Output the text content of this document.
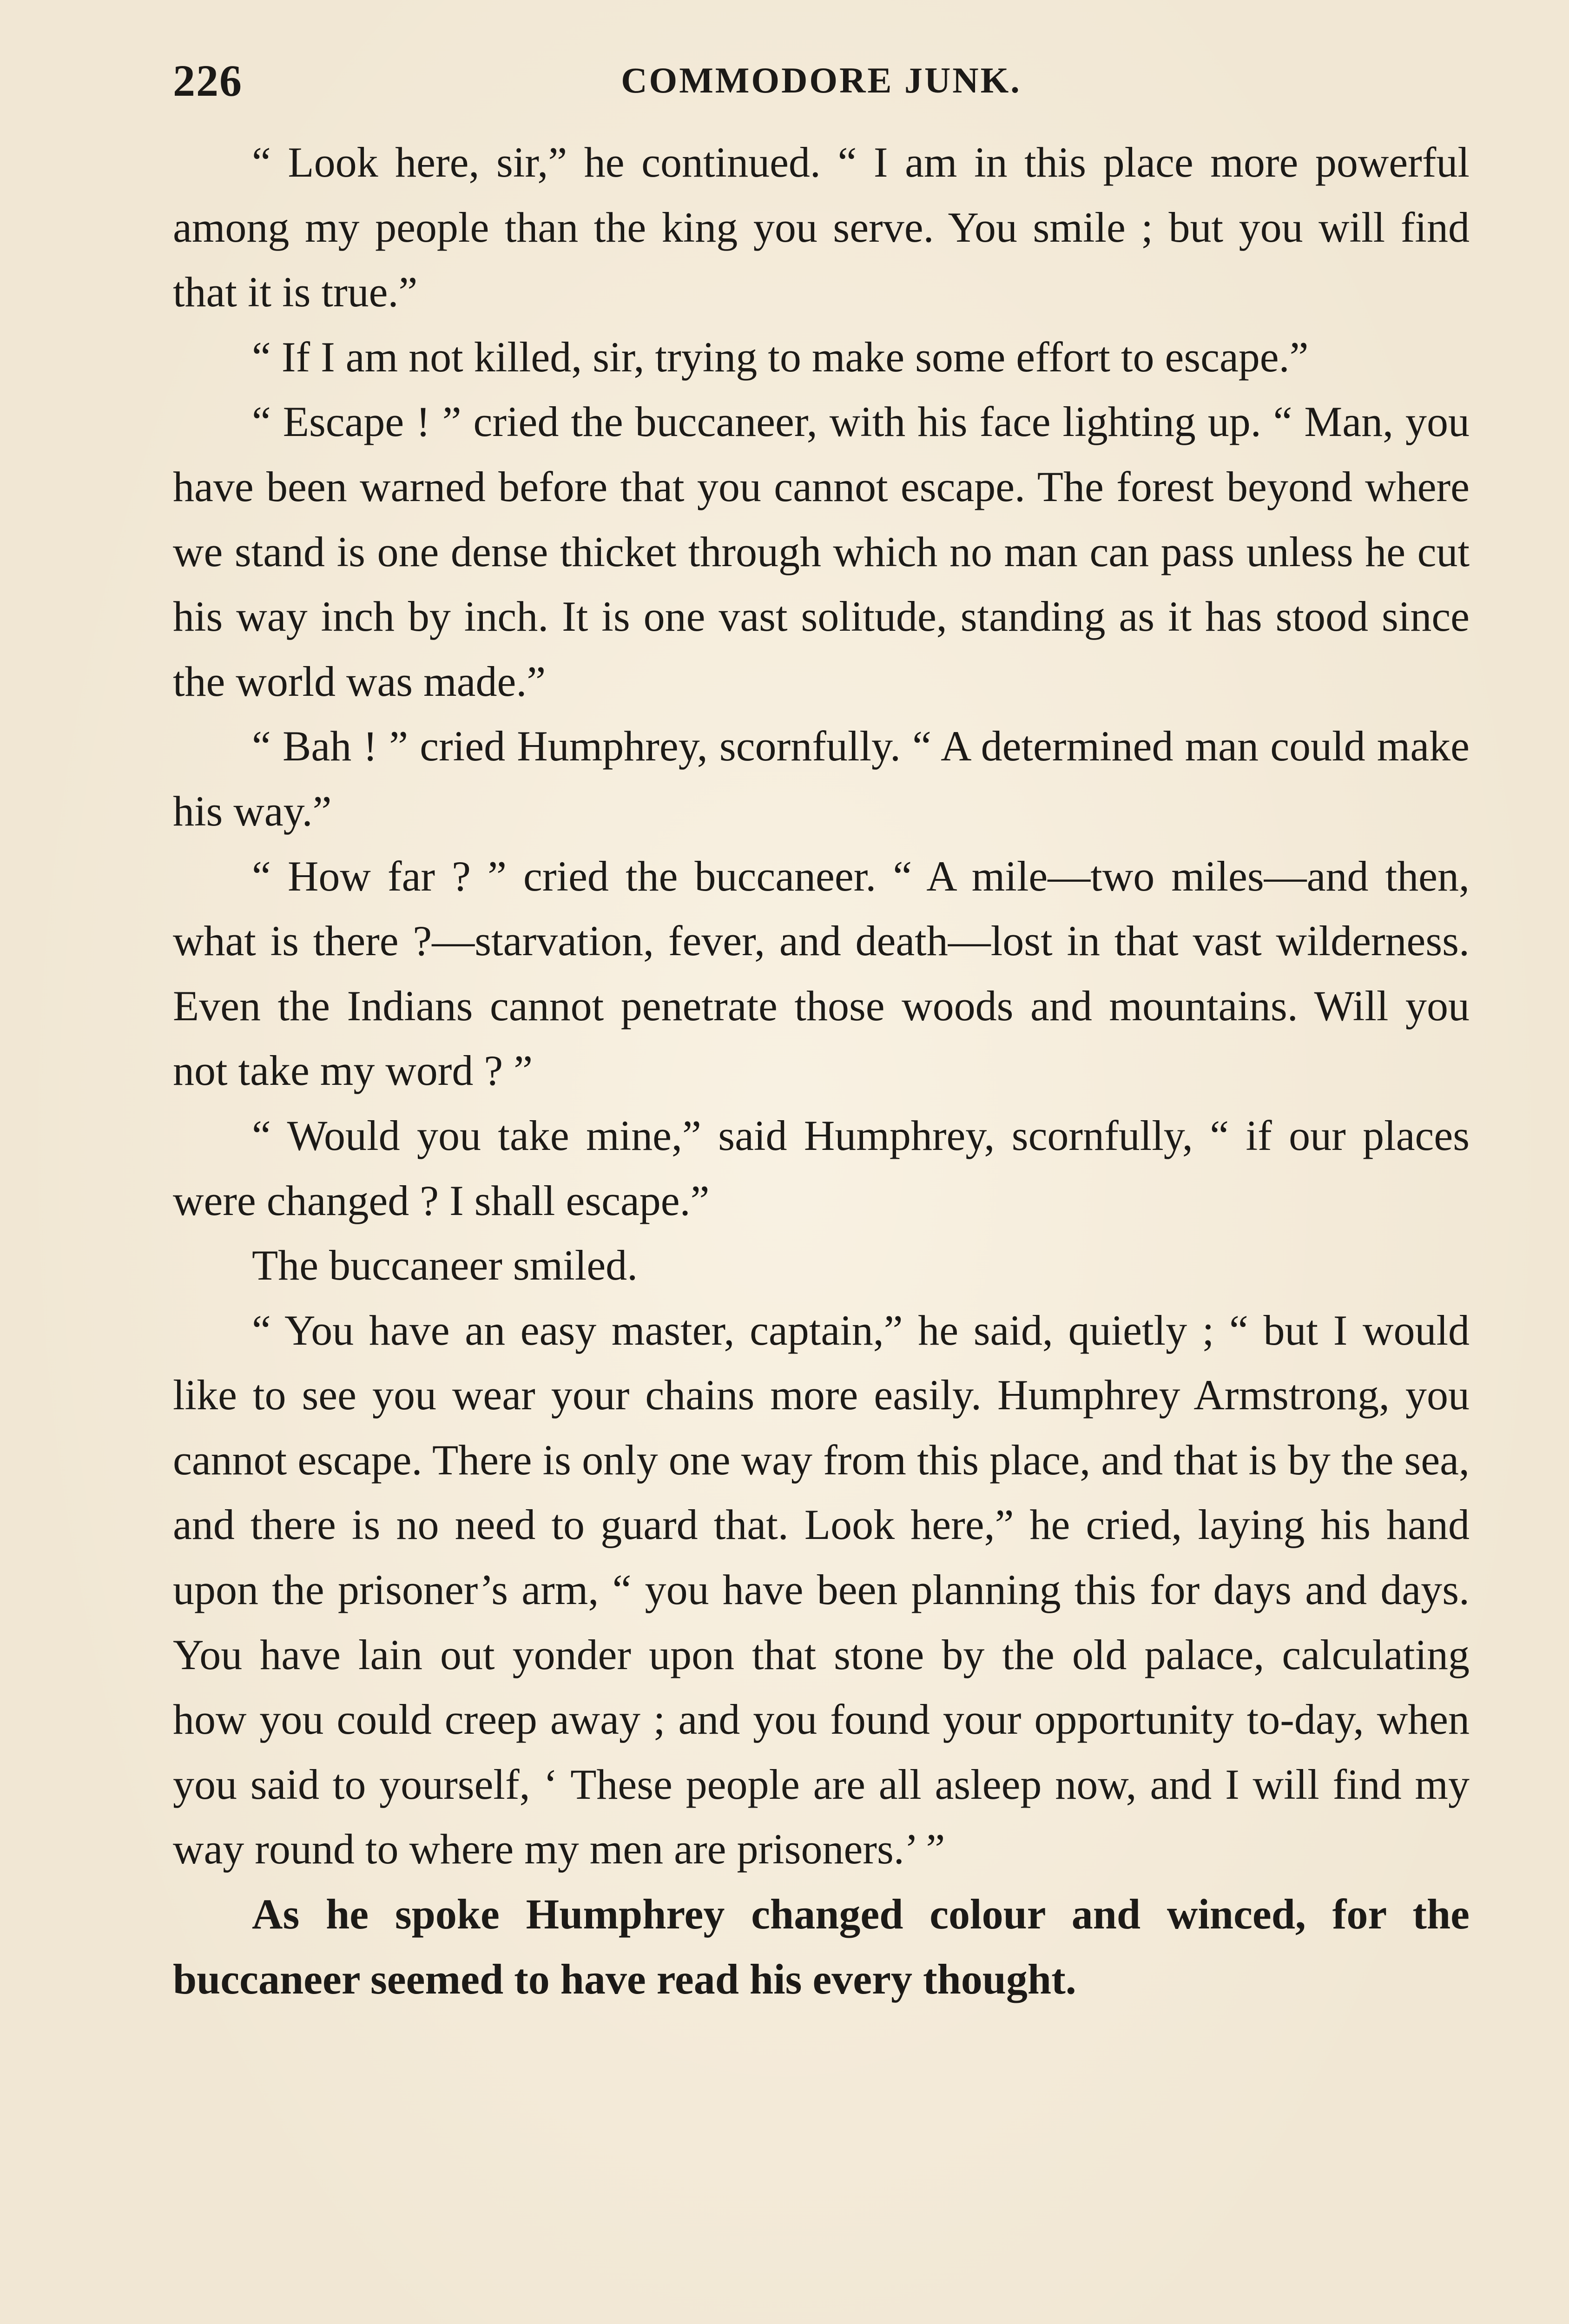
226	COMMODORE JUNK.

“ Look here, sir,” he continued. “ I am in this place more powerful among my people than the king you serve. You smile ; but you will find that it is true.”

“ If I am not killed, sir, trying to make some effort to escape.”

“ Escape ! ” cried the buccaneer, with his face lighting up. “ Man, you have been warned before that you cannot escape. The forest beyond where we stand is one dense thicket through which no man can pass unless he cut his way inch by inch. It is one vast solitude, standing as it has stood since the world was made.”

“ Bah ! ” cried Humphrey, scornfully. “ A determined man could make his way.”

“ How far ? ” cried the buccaneer. “ A mile—two miles—and then, what is there ?—starvation, fever, and death—lost in that vast wilderness. Even the Indians cannot penetrate those woods and mountains. Will you not take my word ? ”

“ Would you take mine,” said Humphrey, scornfully, “ if our places were changed ? I shall escape.”

The buccaneer smiled.

“ You have an easy master, captain,” he said, quietly ; “ but I would like to see you wear your chains more easily. Humphrey Armstrong, you cannot escape. There is only one way from this place, and that is by the sea, and there is no need to guard that. Look here,” he cried, laying his hand upon the prisoner’s arm, “ you have been planning this for days and days. You have lain out yonder upon that stone by the old palace, calculating how you could creep away ; and you found your opportunity to-day, when you said to yourself, ‘ These people are all asleep now, and I will find my way round to where my men are prisoners.’ ”

As he spoke Humphrey changed colour and winced, for the buccaneer seemed to have read his every thought.
